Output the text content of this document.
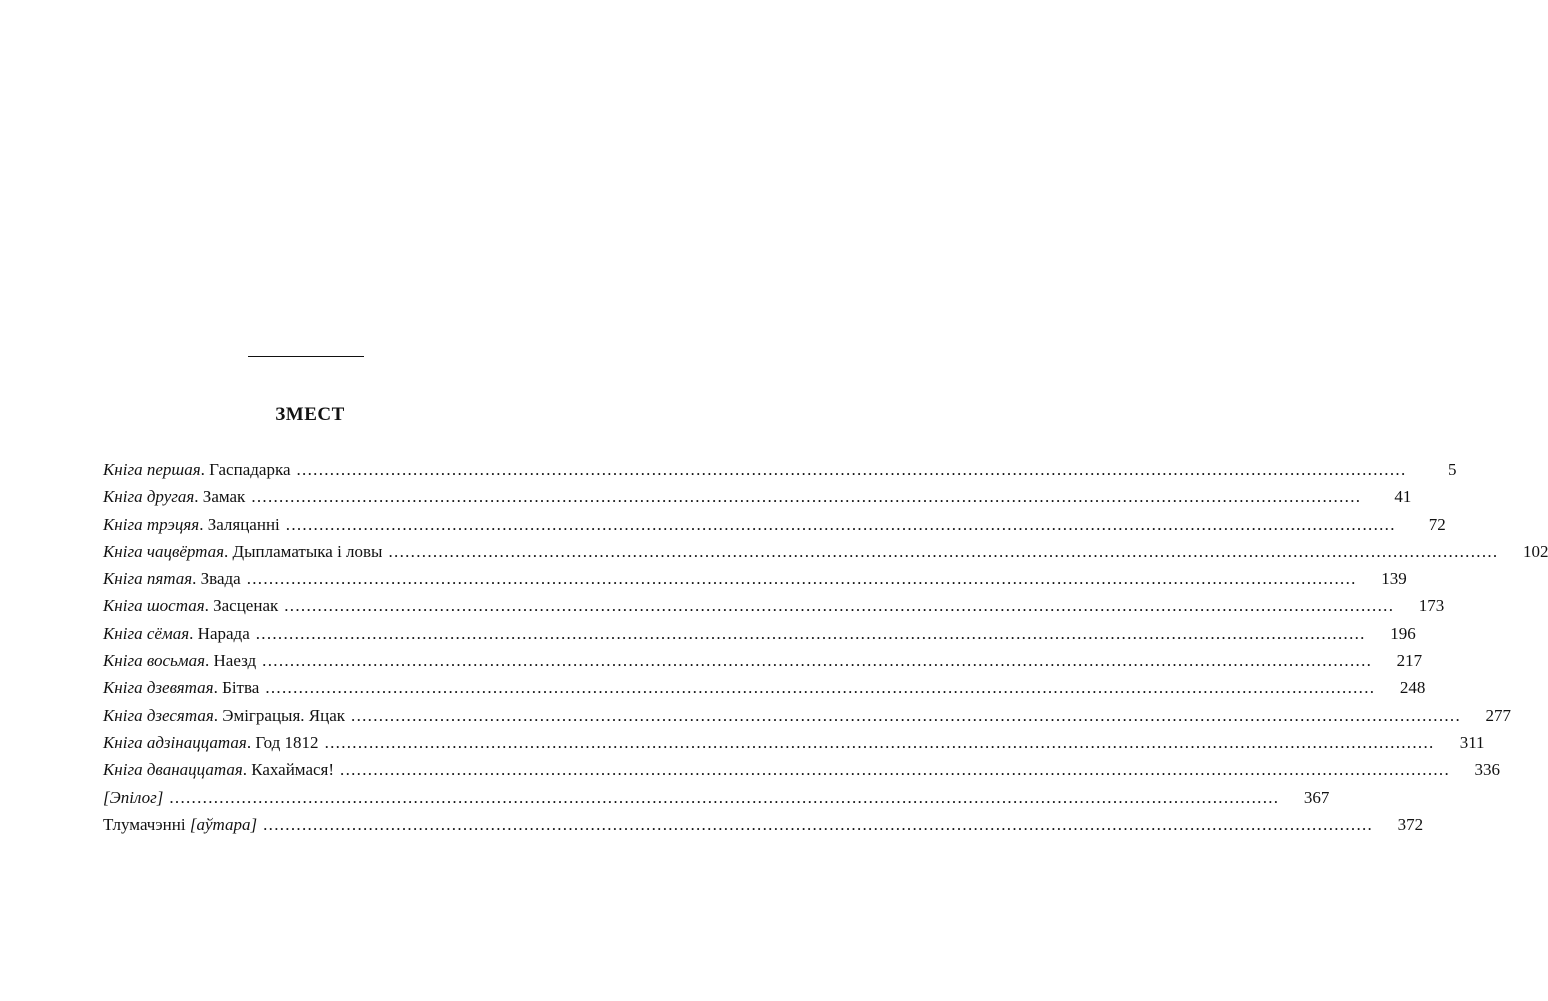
ЗМЕСТ
Кніга першая. Гаспадарка ........................................................................................................................................................................................................	5
Кніга другая. Замак ........................................................................................................................................................................................................	41
Кніга трэцяя. Заляцанні ........................................................................................................................................................................................................	72
Кніга чацвёртая. Дыпламатыка і ловы ........................................................................................................................................................................................................	102
Кніга пятая. Звада ........................................................................................................................................................................................................	139
Кніга шостая. Засценак ........................................................................................................................................................................................................	173
Кніга сёмая. Нарада ........................................................................................................................................................................................................	196
Кніга восьмая. Наезд ........................................................................................................................................................................................................	217
Кніга дзевятая. Бітва ........................................................................................................................................................................................................	248
Кніга дзесятая. Эміграцыя. Яцак ........................................................................................................................................................................................................	277
Кніга адзінаццатая. Год 1812 ........................................................................................................................................................................................................	311
Кніга дванаццатая. Кахаймася! ........................................................................................................................................................................................................	336
[Эпілог] ........................................................................................................................................................................................................	367
Тлумачэнні [аўтара] ........................................................................................................................................................................................................	372
